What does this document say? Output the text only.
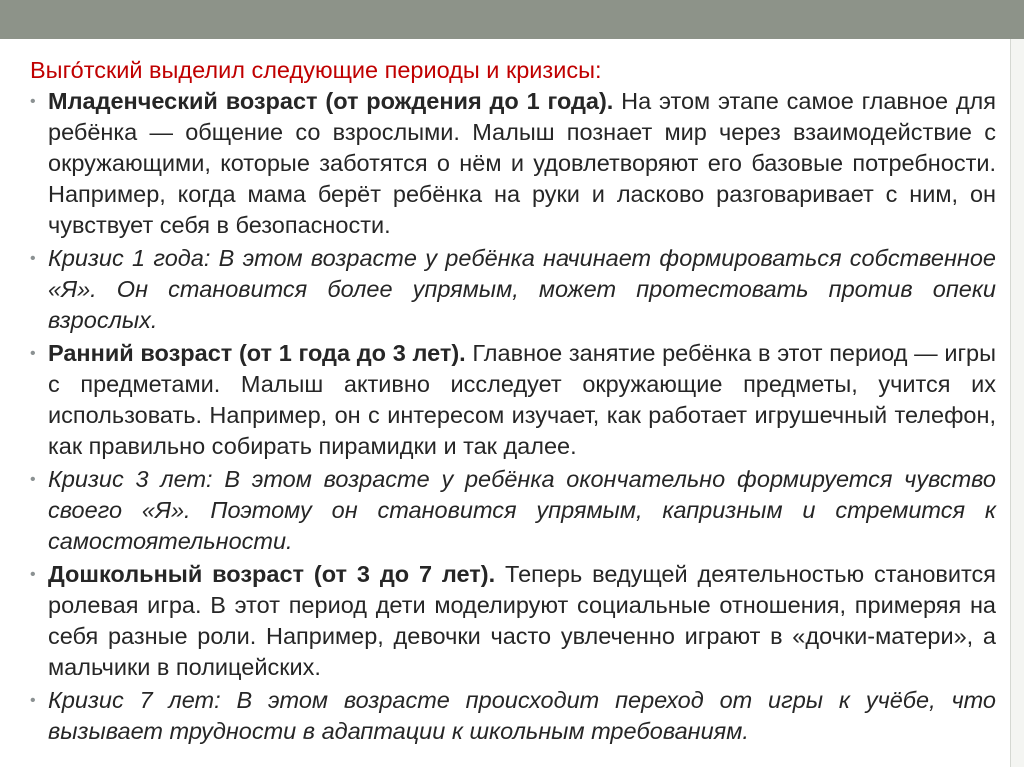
Выго́тский выделил следующие периоды и кризисы:
• Младенческий возраст (от рождения до 1 года). На этом этапе самое главное для ребёнка — общение со взрослыми. Малыш познает мир через взаимодействие с окружающими, которые заботятся о нём и удовлетворяют его базовые потребности. Например, когда мама берёт ребёнка на руки и ласково разговаривает с ним, он чувствует себя в безопасности.
• Кризис 1 года: В этом возрасте у ребёнка начинает формироваться собственное «Я». Он становится более упрямым, может протестовать против опеки взрослых.
• Ранний возраст (от 1 года до 3 лет). Главное занятие ребёнка в этот период — игры с предметами. Малыш активно исследует окружающие предметы, учится их использовать. Например, он с интересом изучает, как работает игрушечный телефон, как правильно собирать пирамидки и так далее.
• Кризис 3 лет: В этом возрасте у ребёнка окончательно формируется чувство своего «Я». Поэтому он становится упрямым, капризным и стремится к самостоятельности.
• Дошкольный возраст (от 3 до 7 лет). Теперь ведущей деятельностью становится ролевая игра. В этот период дети моделируют социальные отношения, примеряя на себя разные роли. Например, девочки часто увлеченно играют в «дочки-матери», а мальчики в полицейских.
• Кризис 7 лет: В этом возрасте происходит переход от игры к учёбе, что вызывает трудности в адаптации к школьным требованиям.
